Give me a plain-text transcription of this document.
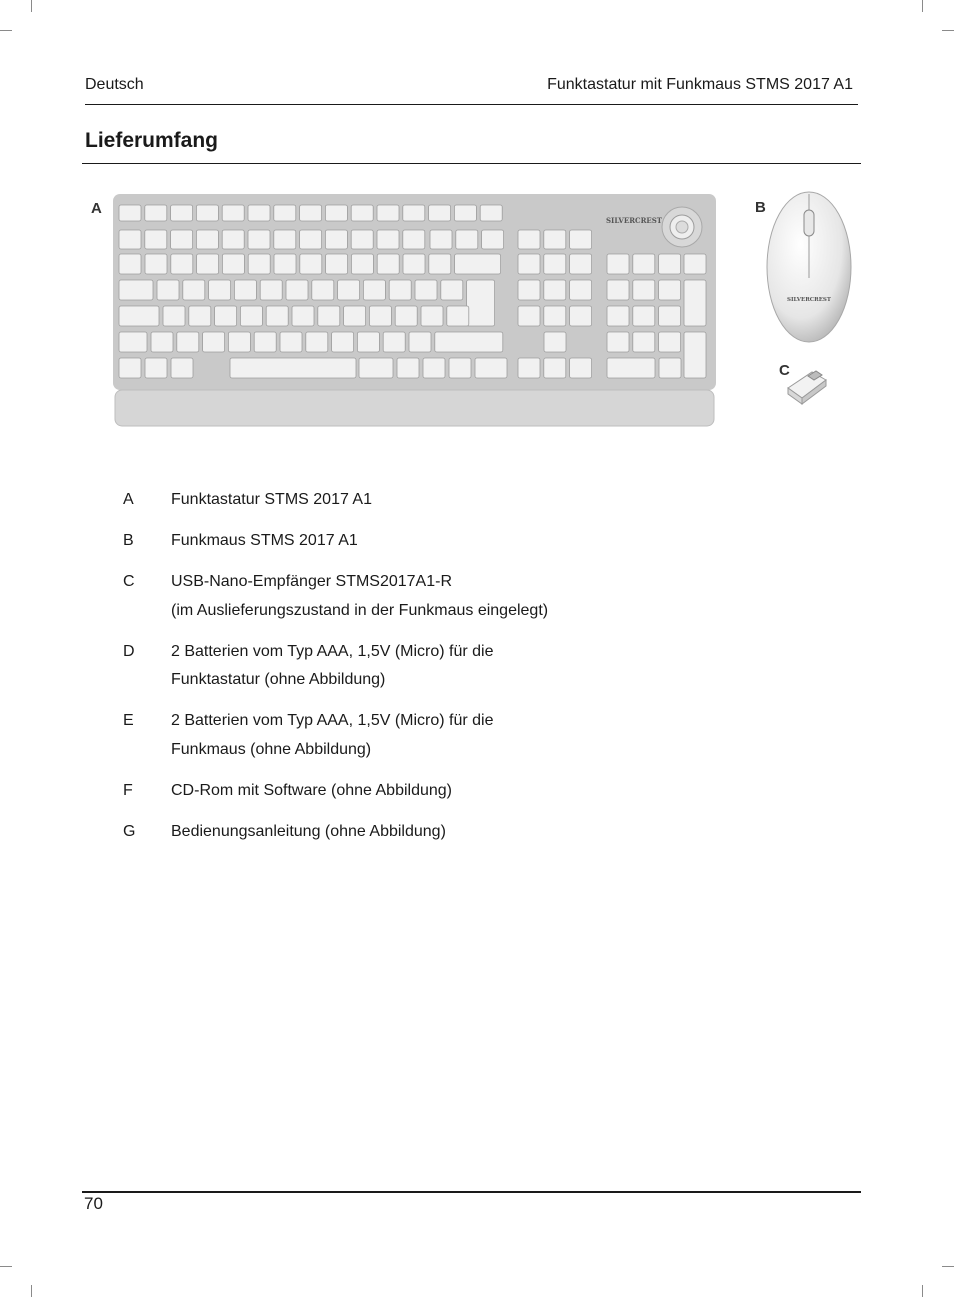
Deutsch	Funktastatur mit Funkmaus STMS 2017 A1
Lieferumfang
A	B
C
SILVERCREST
SILVERCREST
A	Funktastatur STMS 2017 A1
B	Funkmaus STMS 2017 A1
C	USB-Nano-Empfänger STMS2017A1-R
(im Auslieferungszustand in der Funkmaus eingelegt)
D	2 Batterien vom Typ AAA, 1,5V (Micro) für die
Funktastatur (ohne Abbildung)
E	2 Batterien vom Typ AAA, 1,5V (Micro) für die
Funkmaus (ohne Abbildung)
F	CD-Rom mit Software (ohne Abbildung)
G	Bedienungsanleitung (ohne Abbildung)
70
